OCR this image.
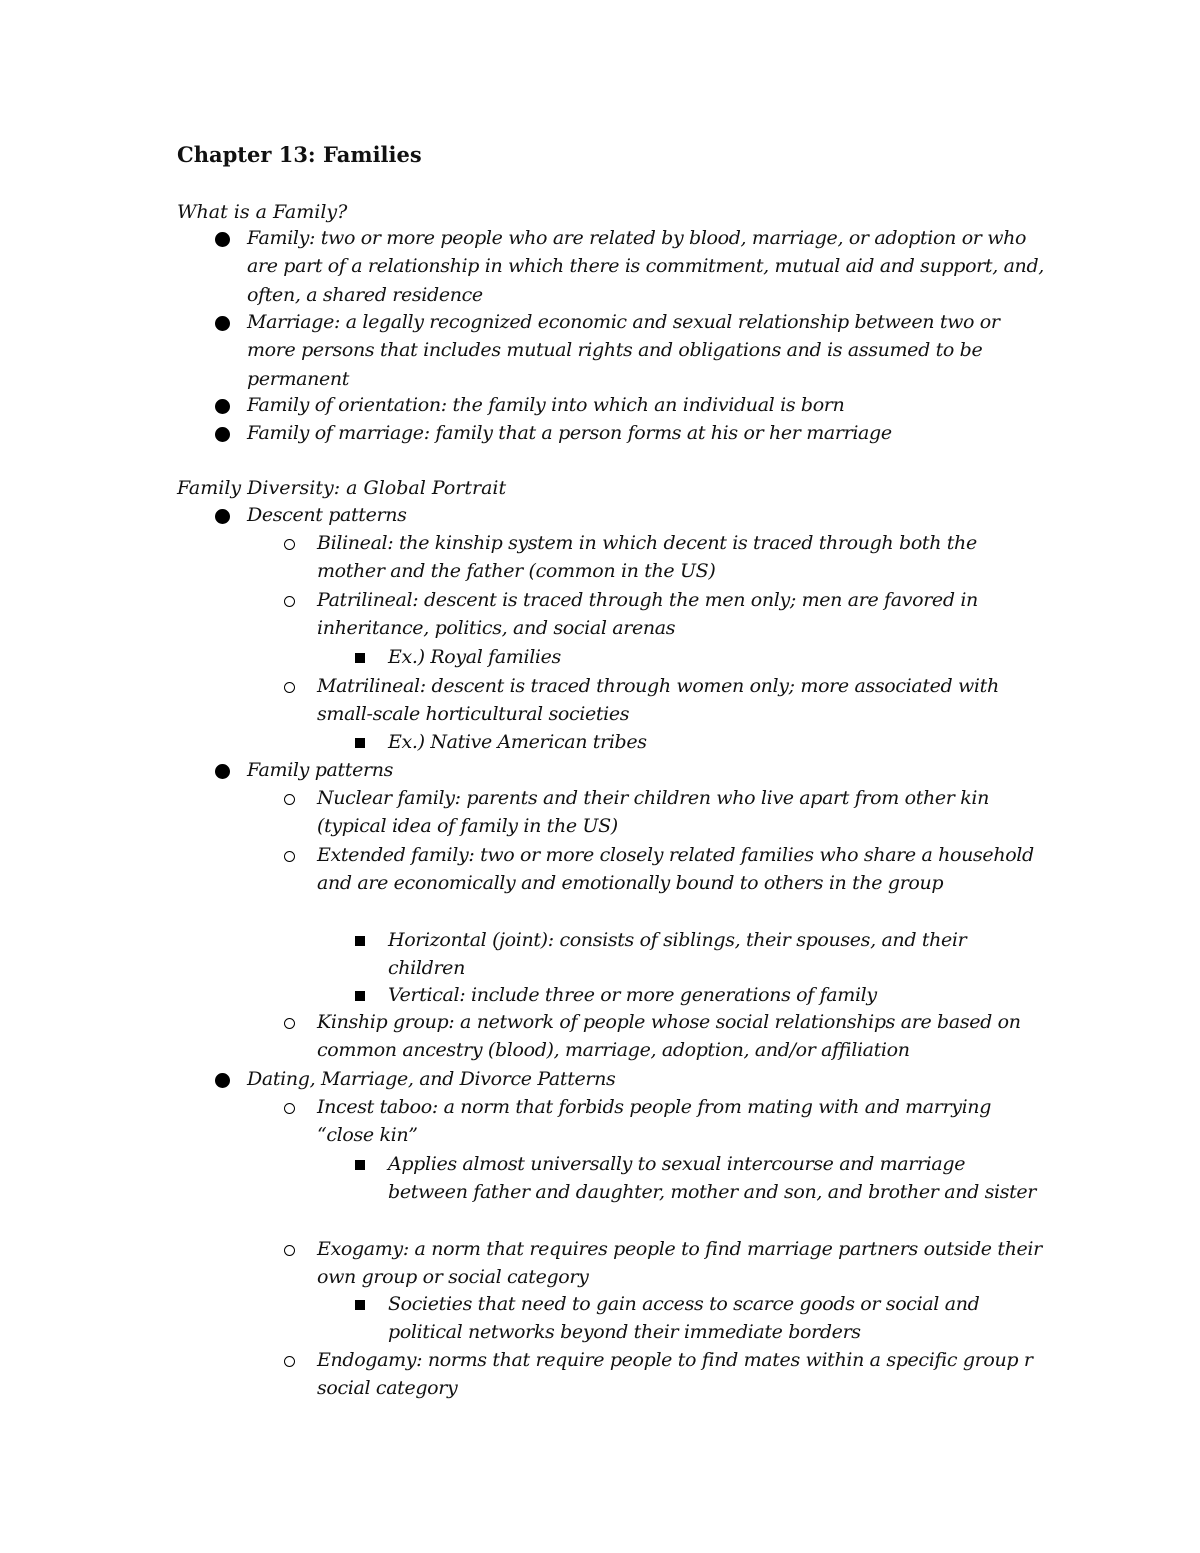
Chapter 13: Families

What is a Family?

Family: two or more people who are related by blood, marriage, or adoption or who are part of a relationship in which there is commitment, mutual aid and support, and, often, a shared residence
Marriage: a legally recognized economic and sexual relationship between two or more persons that includes mutual rights and obligations and is assumed to be permanent
Family of orientation: the family into which an individual is born
Family of marriage: family that a person forms at his or her marriage

Family Diversity: a Global Portrait

Descent patterns
Bilineal: the kinship system in which decent is traced through both the mother and the father (common in the US)
Patrilineal: descent is traced through the men only; men are favored in inheritance, politics, and social arenas
Ex.) Royal families
Matrilineal: descent is traced through women only; more associated with small-scale horticultural societies
Ex.) Native American tribes
Family patterns
Nuclear family: parents and their children who live apart from other kin (typical idea of family in the US)
Extended family: two or more closely related families who share a household and are economically and emotionally bound to others in the group
Horizontal (joint): consists of siblings, their spouses, and their children
Vertical: include three or more generations of family
Kinship group: a network of people whose social relationships are based on common ancestry (blood), marriage, adoption, and/or affiliation
Dating, Marriage, and Divorce Patterns
Incest taboo: a norm that forbids people from mating with and marrying “close kin”
Applies almost universally to sexual intercourse and marriage between father and daughter, mother and son, and brother and sister
Exogamy: a norm that requires people to find marriage partners outside their own group or social category
Societies that need to gain access to scarce goods or social and political networks beyond their immediate borders
Endogamy: norms that require people to find mates within a specific group r social category
